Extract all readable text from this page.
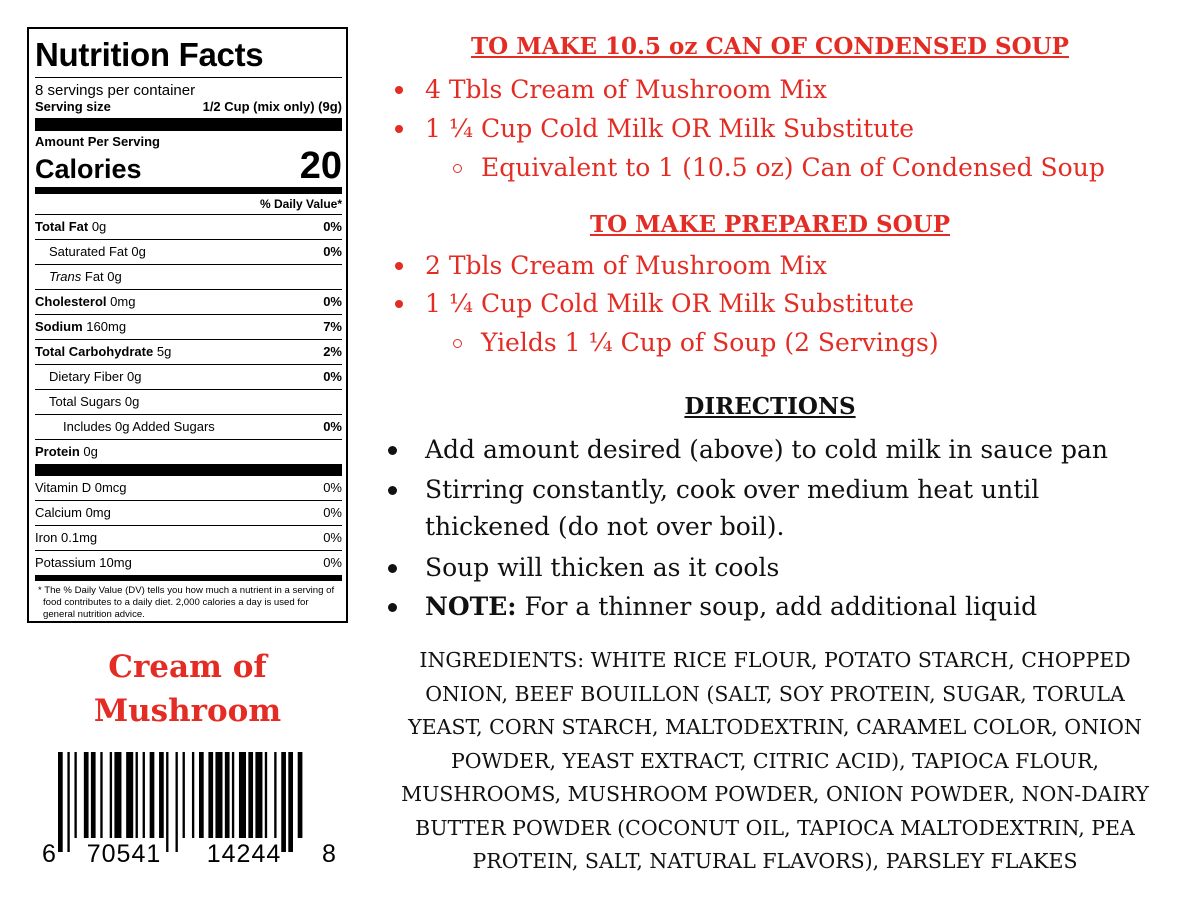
Nutrition Facts
8 servings per container
Serving size	1/2 Cup (mix only) (9g)
Amount Per Serving
Calories	20
% Daily Value*
Total Fat 0g	0%
Saturated Fat 0g	0%
Trans Fat 0g
Cholesterol 0mg	0%
Sodium 160mg	7%
Total Carbohydrate 5g	2%
Dietary Fiber 0g	0%
Total Sugars 0g
Includes 0g Added Sugars	0%
Protein 0g
Vitamin D 0mcg	0%
Calcium 0mg	0%
Iron 0.1mg	0%
Potassium 10mg	0%
* The % Daily Value (DV) tells you how much a nutrient in a serving of food contributes to a daily diet. 2,000 calories a day is used for general nutrition advice.
Cream of
Mushroom
6 70541 14244 8
TO MAKE 10.5 oz CAN OF CONDENSED SOUP
4 Tbls Cream of Mushroom Mix
1 ¼ Cup Cold Milk OR Milk Substitute
Equivalent to 1 (10.5 oz) Can of Condensed Soup
TO MAKE PREPARED SOUP
2 Tbls Cream of Mushroom Mix
1 ¼ Cup Cold Milk OR Milk Substitute
Yields 1 ¼ Cup of Soup (2 Servings)
DIRECTIONS
Add amount desired (above) to cold milk in sauce pan
Stirring constantly, cook over medium heat until
thickened (do not over boil).
Soup will thicken as it cools
NOTE: For a thinner soup, add additional liquid
INGREDIENTS: WHITE RICE FLOUR, POTATO STARCH, CHOPPED
ONION, BEEF BOUILLON (SALT, SOY PROTEIN, SUGAR, TORULA
YEAST, CORN STARCH, MALTODEXTRIN, CARAMEL COLOR, ONION
POWDER, YEAST EXTRACT, CITRIC ACID), TAPIOCA FLOUR,
MUSHROOMS, MUSHROOM POWDER, ONION POWDER, NON-DAIRY
BUTTER POWDER (COCONUT OIL, TAPIOCA MALTODEXTRIN, PEA
PROTEIN, SALT, NATURAL FLAVORS), PARSLEY FLAKES
